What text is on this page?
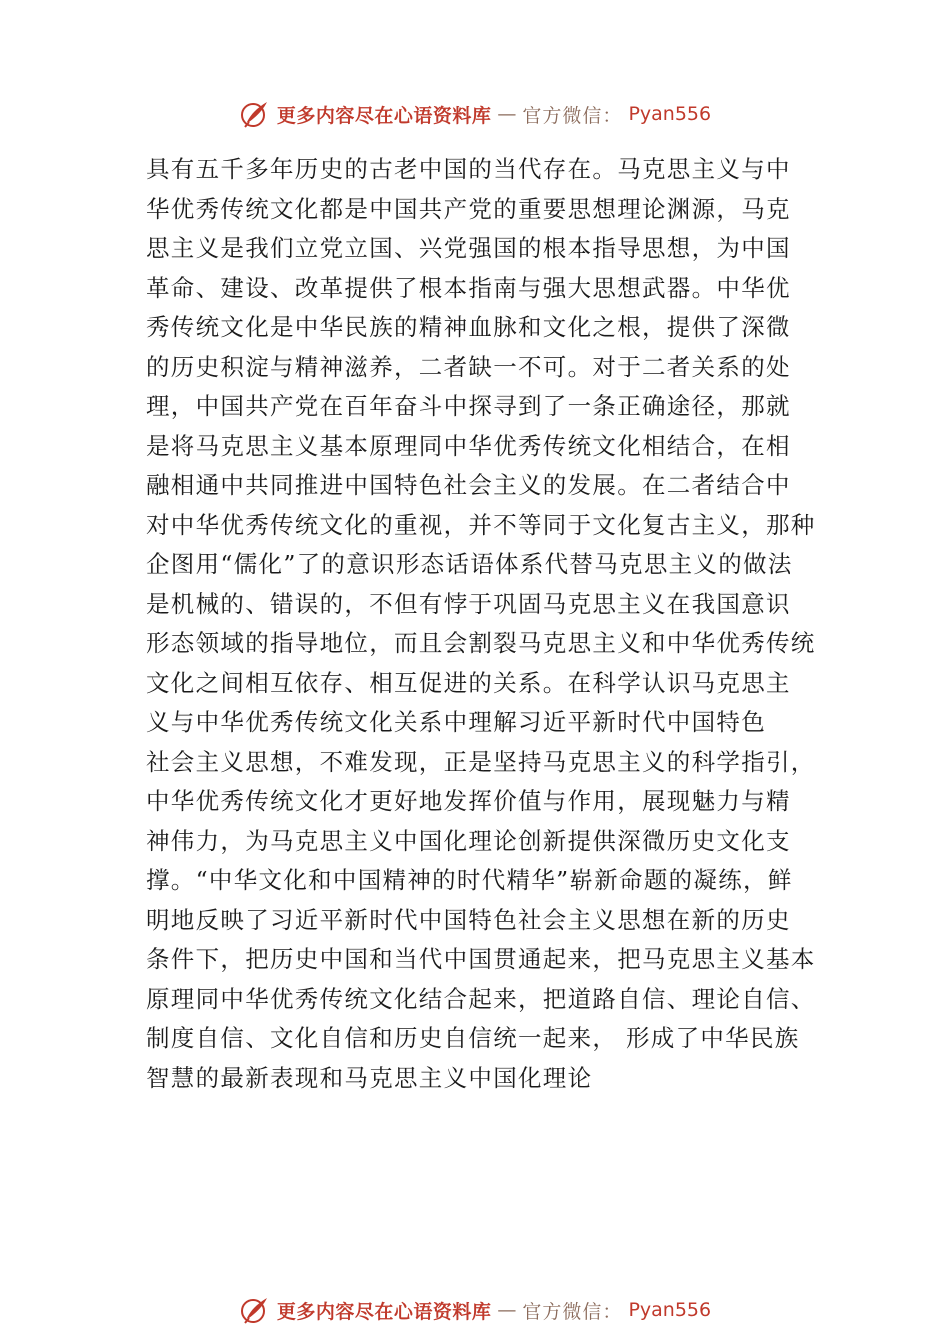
更多内容尽在心语资料库 — 官方微信： Pyan556
具有五千多年历史的古老中国的当代存在。马克思主义与中
华优秀传统文化都是中国共产党的重要思想理论渊源，马克
思主义是我们立党立国、兴党强国的根本指导思想，为中国
革命、建设、改革提供了根本指南与强大思想武器。中华优
秀传统文化是中华民族的精神血脉和文化之根，提供了深㣲
的历史积淀与精神滋养，二者缺一不可。对于二者关系的处
理，中国共产党在百年奋斗中探寻到了一条正确途径，那就
是将马克思主义基本原理同中华优秀传统文化相结合，在相
融相通中共同推进中国特色社会主义的发展。在二者结合中
对中华优秀传统文化的重视，并不等同于文化复古主义，那种
企图用“儒化”了的意识形态话语体系代替马克思主义的做法
是机械的、错误的，不但有悖于巩固马克思主义在我国意识
形态领域的指导地位，而且会割裂马克思主义和中华优秀传统
文化之间相互依存、相互促进的关系。在科学认识马克思主
义与中华优秀传统文化关系中理解习近平新时代中国特色
社会主义思想，不难发现，正是坚持马克思主义的科学指引，
中华优秀传统文化才更好地发挥价值与作用，展现魅力与精
神伟力，为马克思主义中国化理论创新提供深㣲历史文化支
撑。“中华文化和中国精神的时代精华”崭新命题的凝练，鲜
明地反映了习近平新时代中国特色社会主义思想在新的历史
条件下，把历史中国和当代中国贯通起来，把马克思主义基本
原理同中华优秀传统文化结合起来，把道路自信、理论自信、
制度自信、文化自信和历史自信统一起来， 形成了中华民族
智慧的最新表现和马克思主义中国化理论
更多内容尽在心语资料库 — 官方微信： Pyan556
